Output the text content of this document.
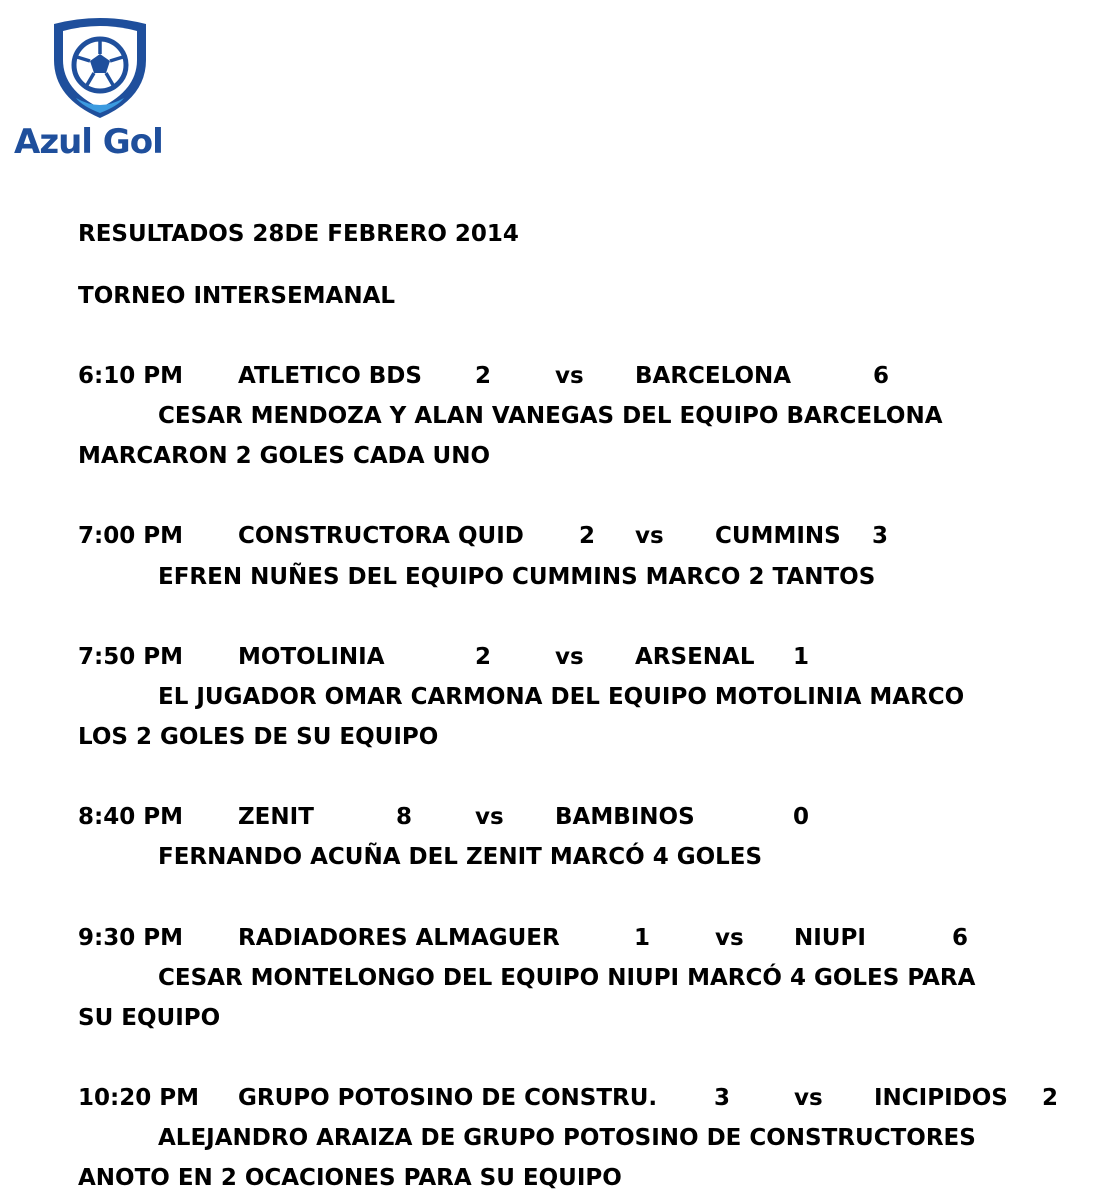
Azul Gol
RESULTADOS 28DE FEBRERO 2014
TORNEO INTERSEMANAL
6:10 PM ATLETICO BDS 2	vs BARCELONA	6
CESAR MENDOZA Y ALAN VANEGAS DEL EQUIPO BARCELONA
MARCARON 2 GOLES CADA UNO
7:00 PM CONSTRUCTORA QUID 2 vs CUMMINS 3
EFREN NUÑES DEL EQUIPO CUMMINS MARCO 2 TANTOS
7:50 PM MOTOLINIA	2	vs ARSENAL 1
EL JUGADOR OMAR CARMONA DEL EQUIPO MOTOLINIA MARCO
LOS 2 GOLES DE SU EQUIPO
8:40 PM ZENIT	8	vs BAMBINOS	0
FERNANDO ACUÑA DEL ZENIT MARCÓ 4 GOLES
9:30 PM RADIADORES ALMAGUER	1	vs NIUPI	6
CESAR MONTELONGO DEL EQUIPO NIUPI MARCÓ 4 GOLES PARA
SU EQUIPO
10:20 PM GRUPO POTOSINO DE CONSTRU. 3	vs INCIPIDOS 2
ALEJANDRO ARAIZA DE GRUPO POTOSINO DE CONSTRUCTORES
ANOTO EN 2 OCACIONES PARA SU EQUIPO
